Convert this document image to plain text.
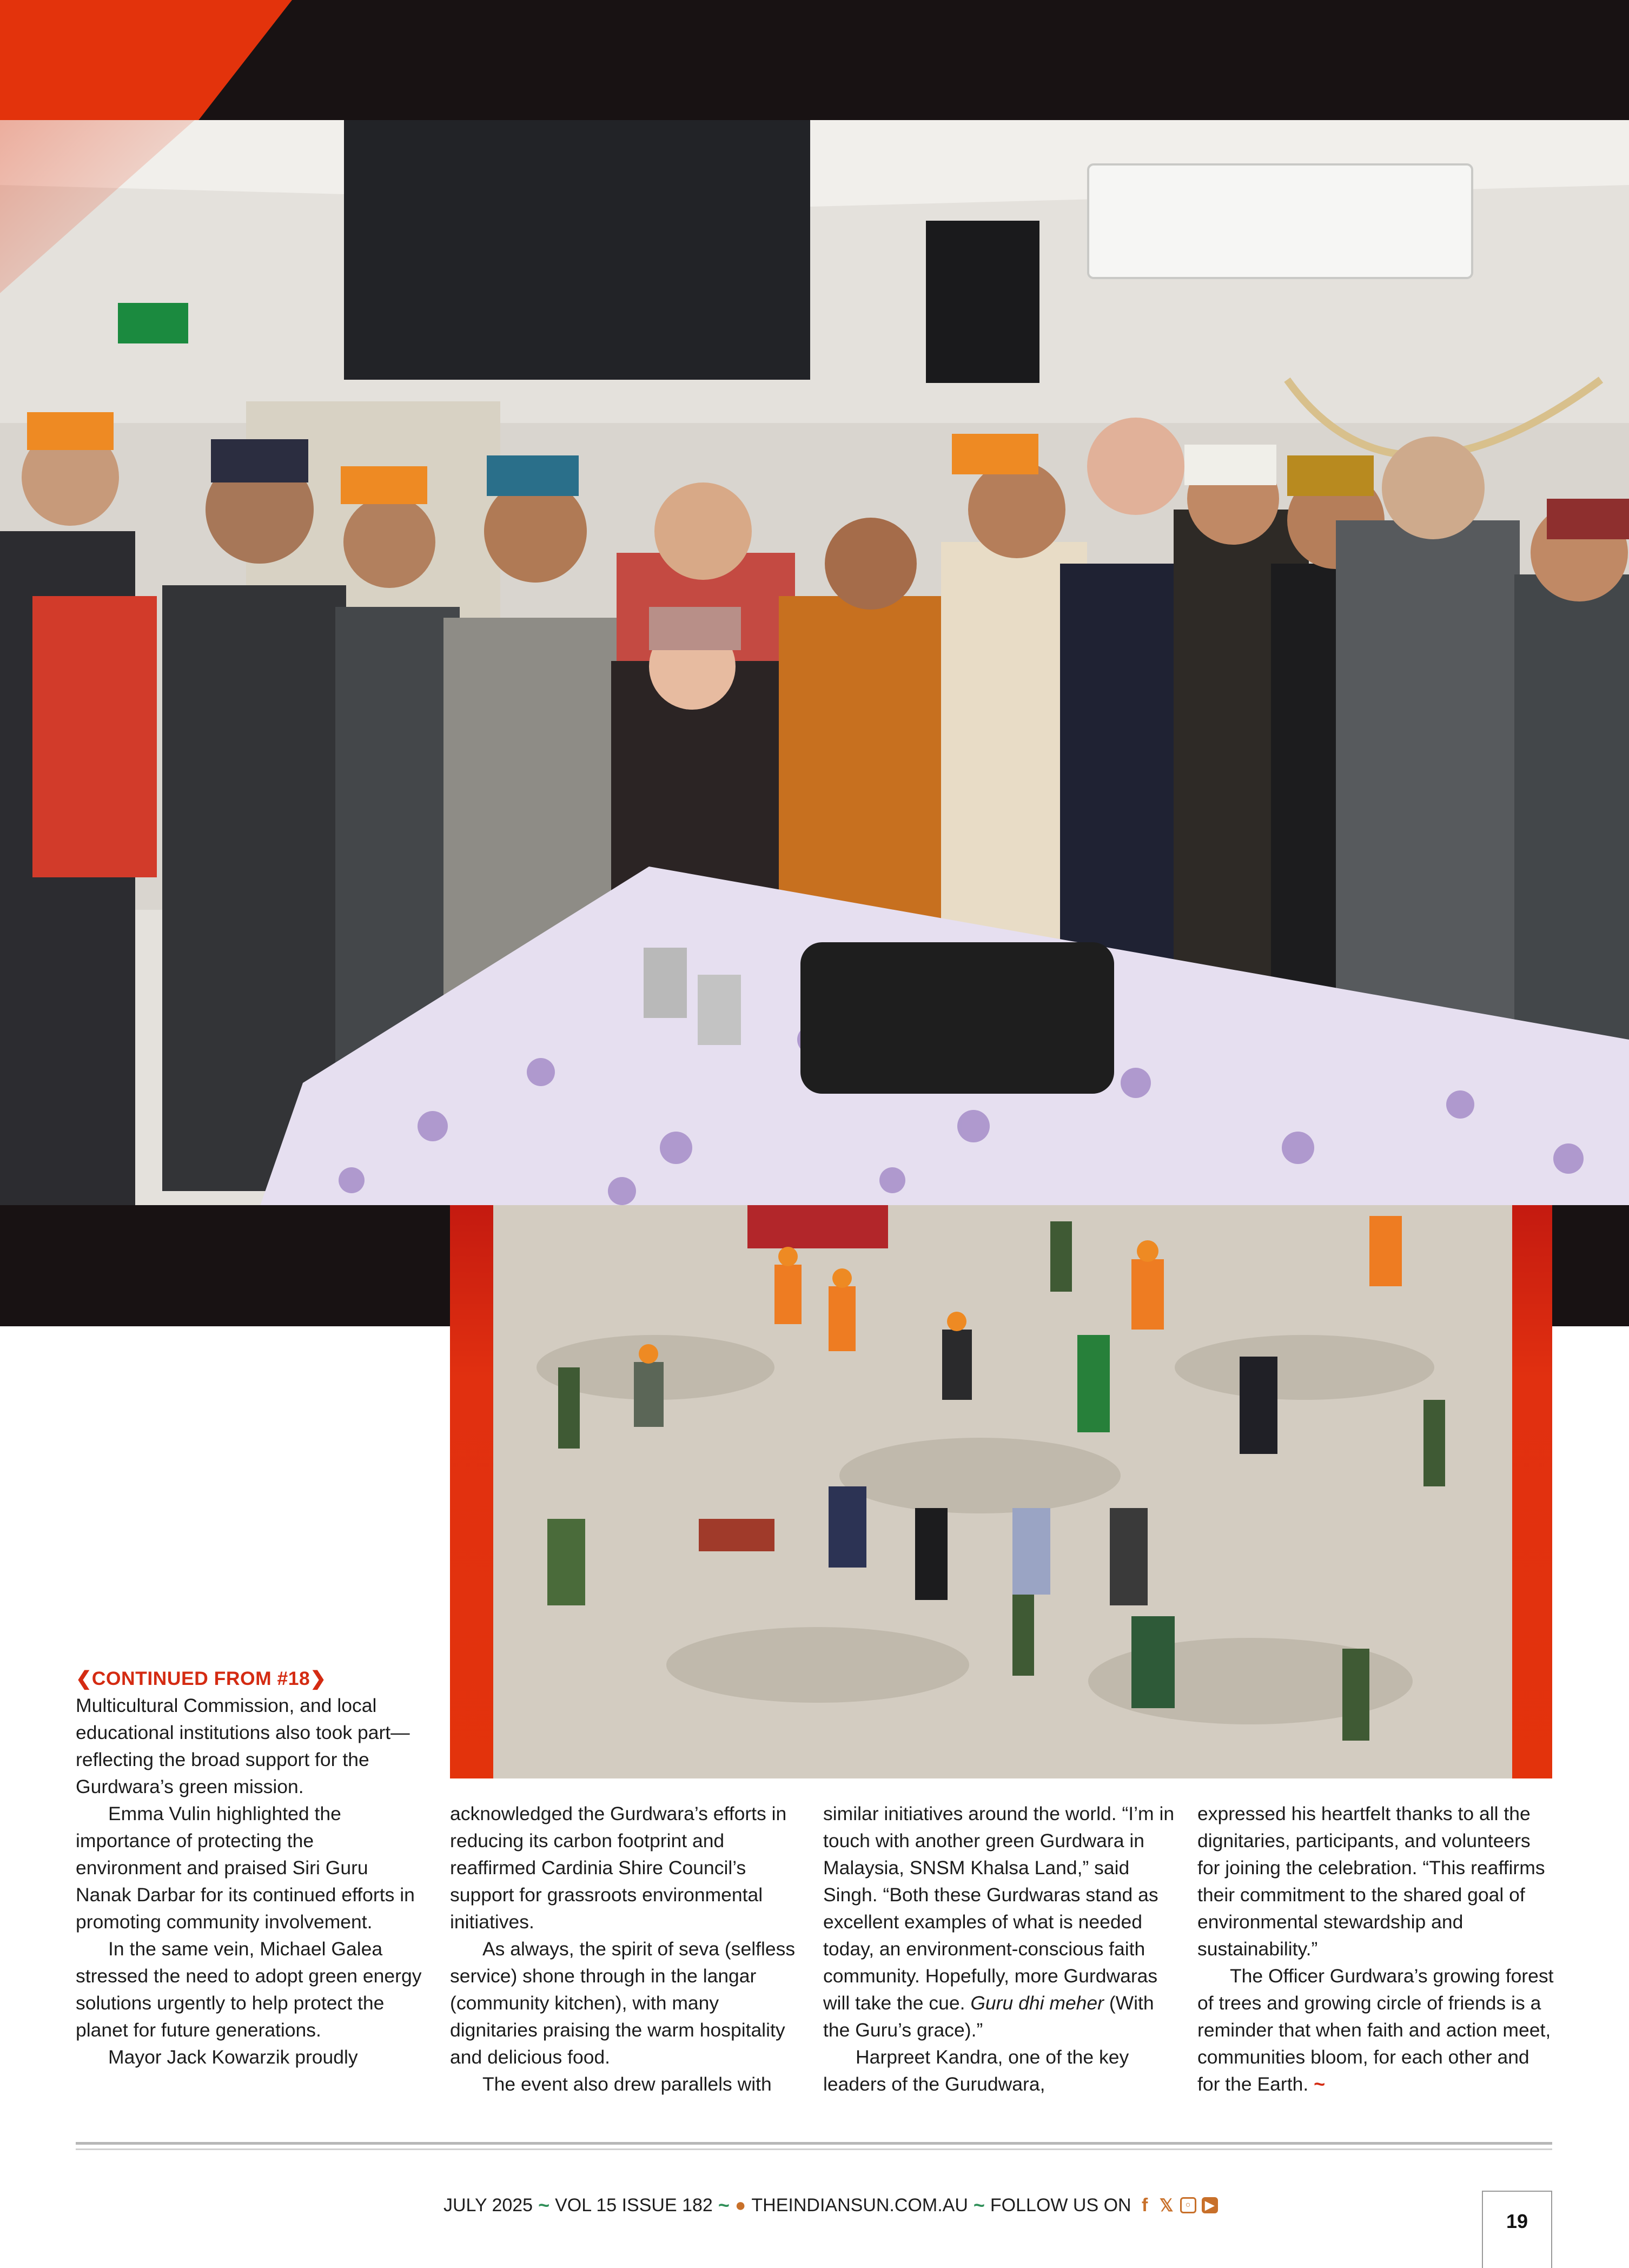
❮CONTINUED FROM #18❯

Multicultural Commission, and local educational institutions also took part—reflecting the broad support for the Gurdwara’s green mission.

Emma Vulin highlighted the importance of protecting the environment and praised Siri Guru Nanak Darbar for its continued efforts in promoting community involvement.

In the same vein, Michael Galea stressed the need to adopt green energy solutions urgently to help protect the planet for future generations.

Mayor Jack Kowarzik proudly

acknowledged the Gurdwara’s efforts in reducing its carbon footprint and reaffirmed Cardinia Shire Council’s support for grassroots environmental initiatives.

As always, the spirit of seva (selfless service) shone through in the langar (community kitchen), with many dignitaries praising the warm hospitality and delicious food.

The event also drew parallels with

similar initiatives around the world. “I’m in touch with another green Gurdwara in Malaysia, SNSM Khalsa Land,” said Singh. “Both these Gurdwaras stand as excellent examples of what is needed today, an environment-conscious faith community. Hopefully, more Gurdwaras will take the cue. Guru dhi meher (With the Guru’s grace).”

Harpreet Kandra, one of the key leaders of the Gurudwara,

expressed his heartfelt thanks to all the dignitaries, participants, and volunteers for joining the celebration. “This reaffirms their commitment to the shared goal of environmental stewardship and sustainability.”

The Officer Gurdwara’s growing forest of trees and growing circle of friends is a reminder that when faith and action meet, communities bloom, for each other and for the Earth. ~

JULY 2025 ~ VOL 15 ISSUE 182 ~ ● THEINDIANSUN.COM.AU ~ FOLLOW US ON f 𝕏	○	▶
19
